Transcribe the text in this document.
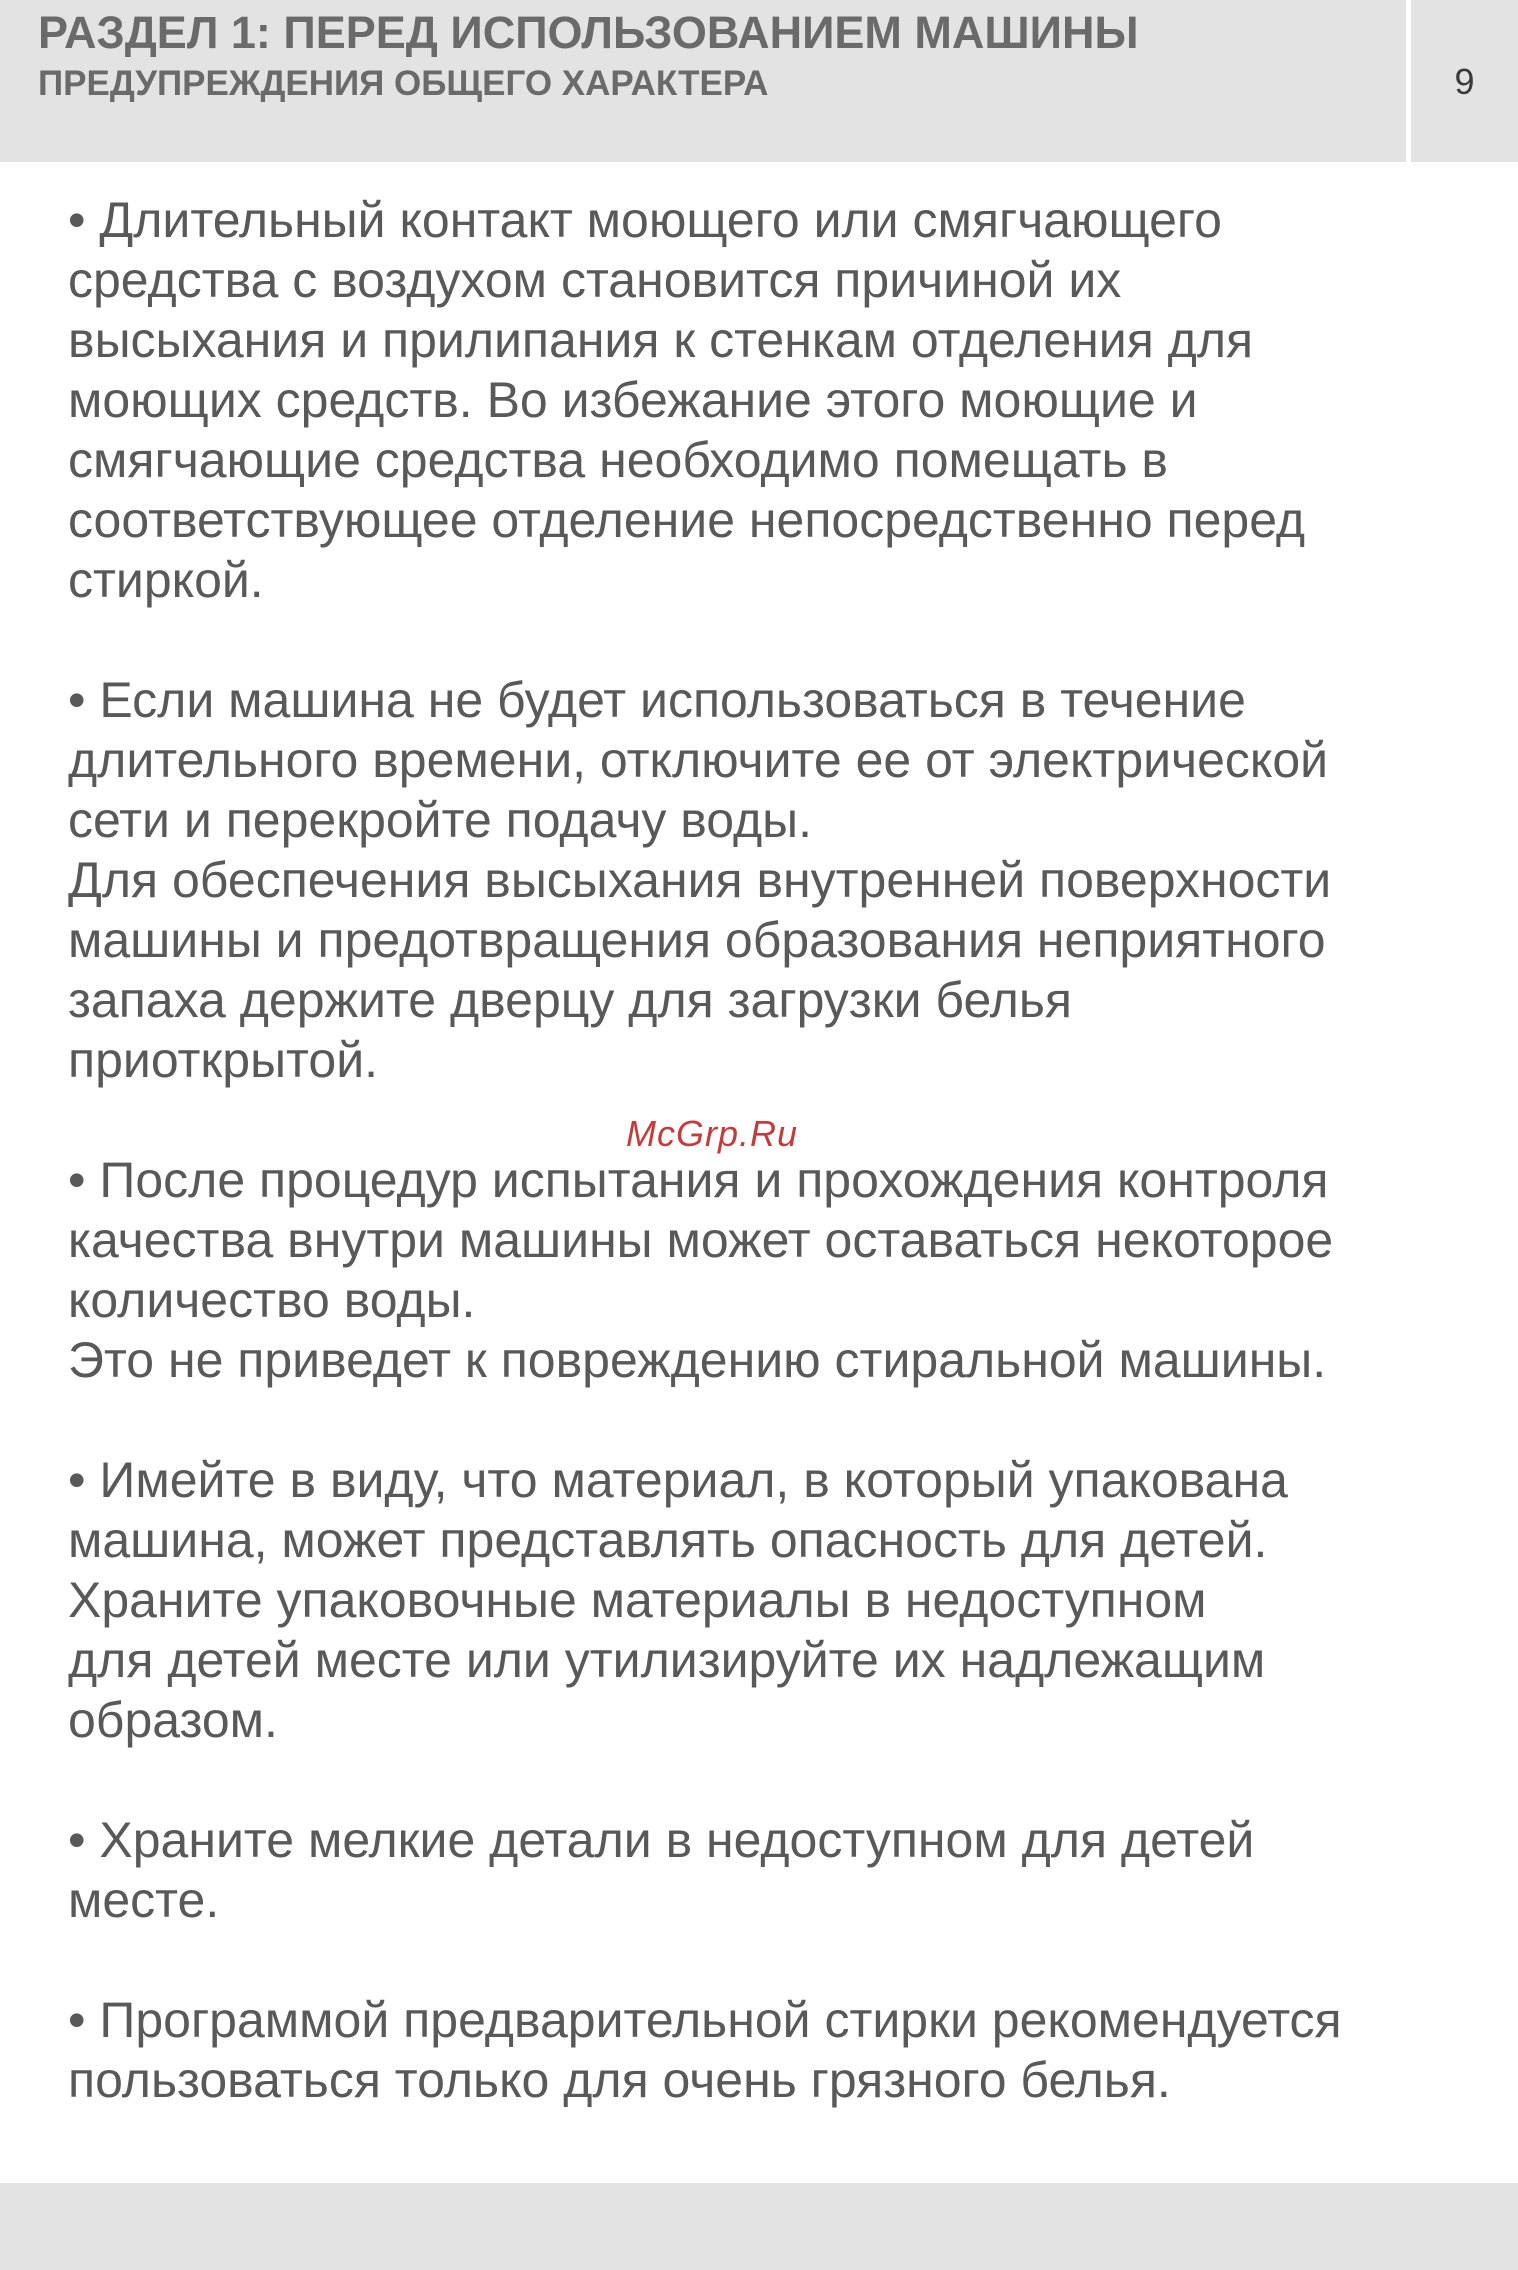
РАЗДЕЛ 1: ПЕРЕД ИСПОЛЬЗОВАНИЕМ МАШИНЫ
ПРЕДУПРЕЖДЕНИЯ ОБЩЕГО ХАРАКТЕРА	9

• Длительный контакт моющего или смягчающего
средства с воздухом становится причиной их
высыхания и прилипания к стенкам отделения для
моющих средств. Во избежание этого моющие и
смягчающие средства необходимо помещать в
соответствующее отделение непосредственно перед
стиркой.

• Если машина не будет использоваться в течение
длительного времени, отключите ее от электрической
сети и перекройте подачу воды.
Для обеспечения высыхания внутренней поверхности
машины и предотвращения образования неприятного
запаха держите дверцу для загрузки белья
приоткрытой.

• После процедур испытания и прохождения контроля
качества внутри машины может оставаться некоторое
количество воды.
Это не приведет к повреждению стиральной машины.

• Имейте в виду, что материал, в который упакована
машина, может представлять опасность для детей.
Храните упаковочные материалы в недоступном
для детей месте или утилизируйте их надлежащим
образом.

• Храните мелкие детали в недоступном для детей
месте.

• Программой предварительной стирки рекомендуется
пользоваться только для очень грязного белья.

McGrp.Ru
